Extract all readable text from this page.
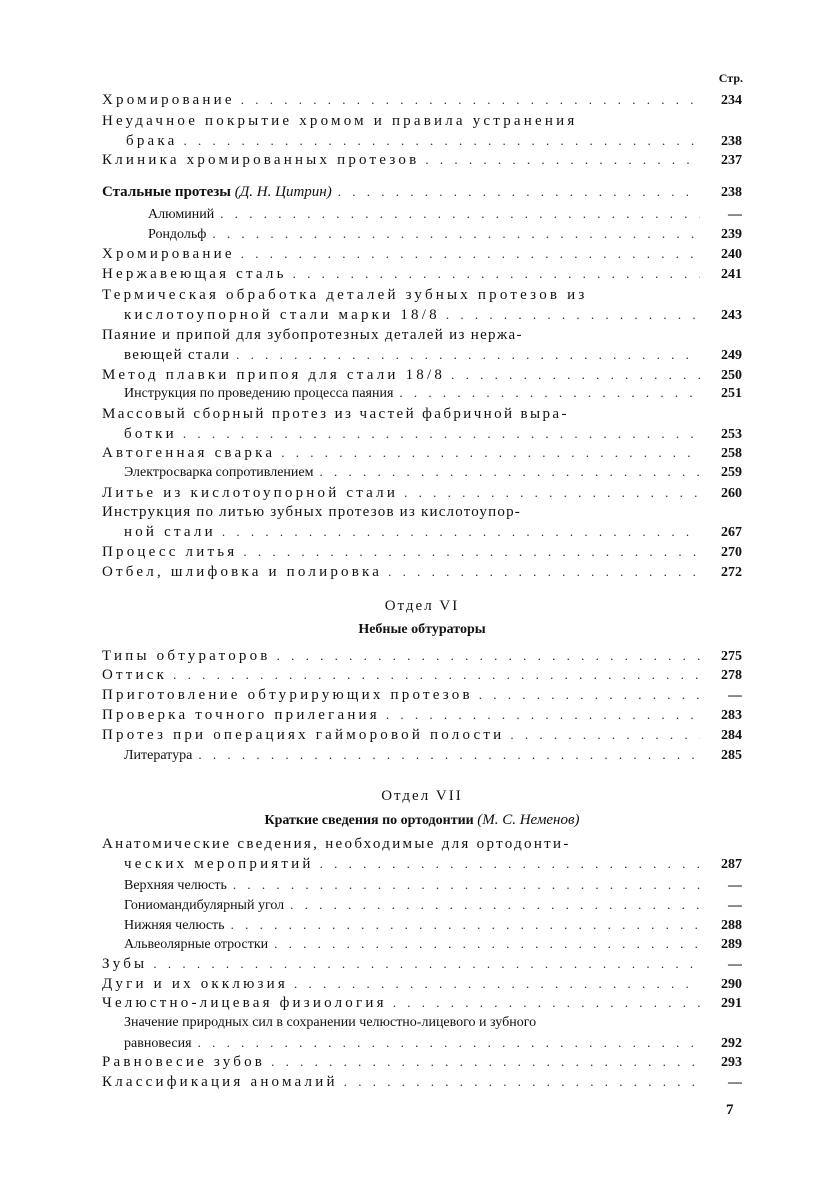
Стр.
Хромирование . . .	234
Неудачное покрытие хромом и правила устранения
брака . . .	238
Клиника хромированных протезов . . .	237
Стальные протезы (Д. Н. Цитрин) . . .	238
Алюминий . . .	—
Рондольф . . .	239
Хромирование . . .	240
Нержавеющая сталь . . .	241
Термическая обработка деталей зубных протезов из
кислотоупорной стали марки 18/8 . . .	243
Паяние и припой для зубопротезных деталей из нержа-
веющей стали . . .	249
Метод плавки припоя для стали 18/8 . . .	250
Инструкция по проведению процесса паяния . . .	251
Массовый сборный протез из частей фабричной выра-
ботки . . .	253
Автогенная сварка . . .	258
Электросварка сопротивлением . . .	259
Литье из кислотоупорной стали . . .	260
Инструкция по литью зубных протезов из кислотоупор-
ной стали . . .	267
Процесс литья . . .	270
Отбел, шлифовка и полировка . . .	272
Отдел VI
Небные обтураторы
Типы обтураторов . . .	275
Оттиск . . .	278
Приготовление обтурирующих протезов . . .	—
Проверка точного прилегания . . .	283
Протез при операциях гайморовой полости . . .	284
Литература . . .	285
Отдел VII
Краткие сведения по ортодонтии (М. С. Неменов)
Анатомические сведения, необходимые для ортодонти-
ческих мероприятий . . .	287
Верхняя челюсть . . .	—
Гониомандибулярный угол . . .	—
Нижняя челюсть . . .	288
Альвеолярные отростки . . .	289
Зубы . . .	—
Дуги и их окклюзия . . .	290
Челюстно-лицевая физиология . . .	291
Значение природных сил в сохранении челюстно-лицевого и зубного
равновесия . . .	292
Равновесие зубов . . .	293
Классификация аномалий . . .	—
7
